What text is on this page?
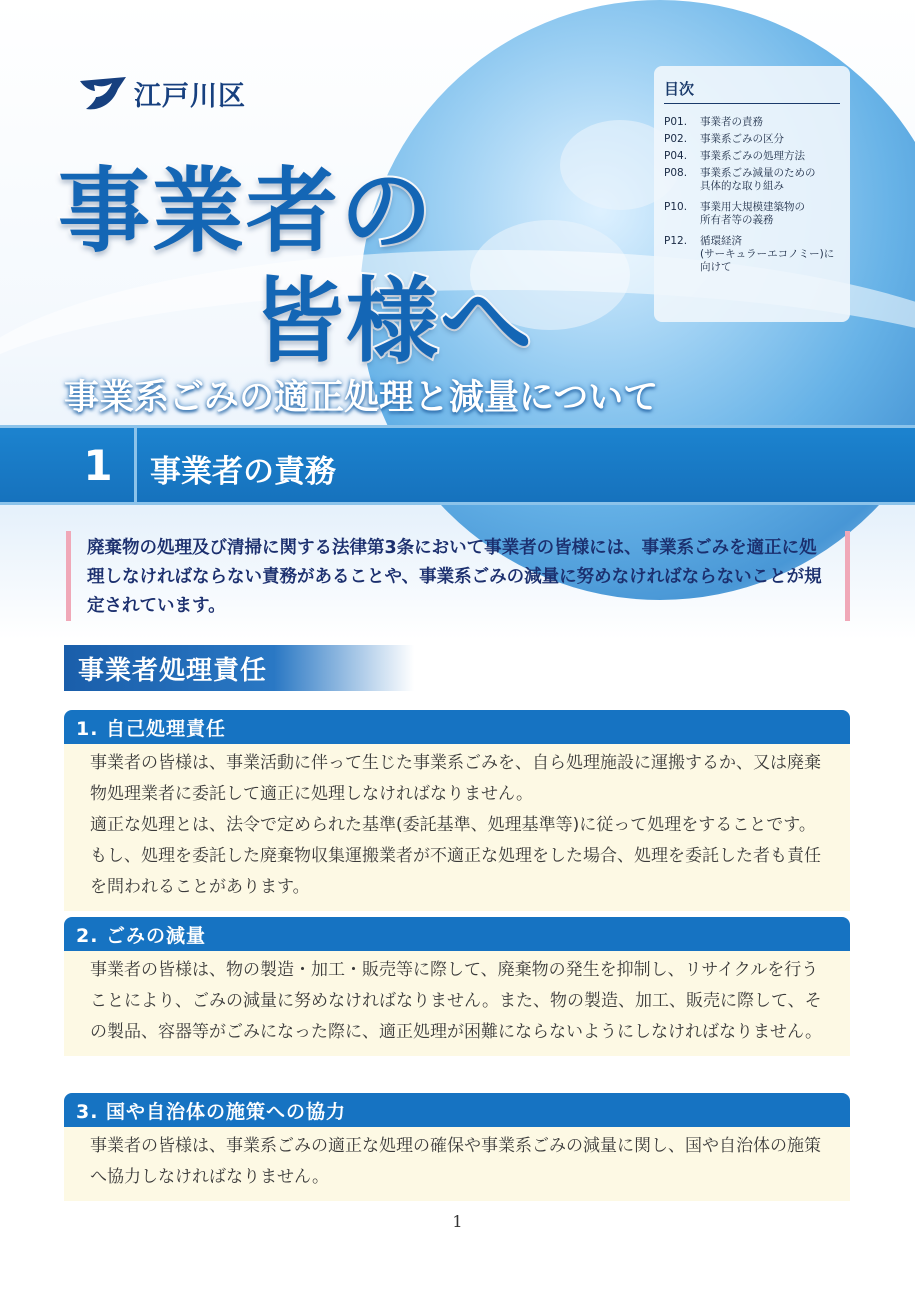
江戸川区
事業者の
皆様へ
事業系ごみの適正処理と減量について
目次
P01.	事業者の責務
P02.	事業系ごみの区分
P04.	事業系ごみの処理方法
P08.	事業系ごみ減量のための
具体的な取り組み
P10.	事業用大規模建築物の
所有者等の義務
P12.	循環経済
(サーキュラーエコノミー)に
向けて
1	事業者の責務

廃棄物の処理及び清掃に関する法律第3条において事業者の皆様には、事業系ごみを適正に処理しなければならない責務があることや、事業系ごみの減量に努めなければならないことが規定されています。

事業者処理責任
1. 自己処理責任

事業者の皆様は、事業活動に伴って生じた事業系ごみを、自ら処理施設に運搬するか、又は廃棄物処理業者に委託して適正に処理しなければなりません。

適正な処理とは、法令で定められた基準(委託基準、処理基準等)に従って処理をすることです。もし、処理を委託した廃棄物収集運搬業者が不適正な処理をした場合、処理を委託した者も責任を問われることがあります。

2. ごみの減量

事業者の皆様は、物の製造・加工・販売等に際して、廃棄物の発生を抑制し、リサイクルを行うことにより、ごみの減量に努めなければなりません。また、物の製造、加工、販売に際して、その製品、容器等がごみになった際に、適正処理が困難にならないようにしなければなりません。

3. 国や自治体の施策への協力

事業者の皆様は、事業系ごみの適正な処理の確保や事業系ごみの減量に関し、国や自治体の施策へ協力しなければなりません。

1
